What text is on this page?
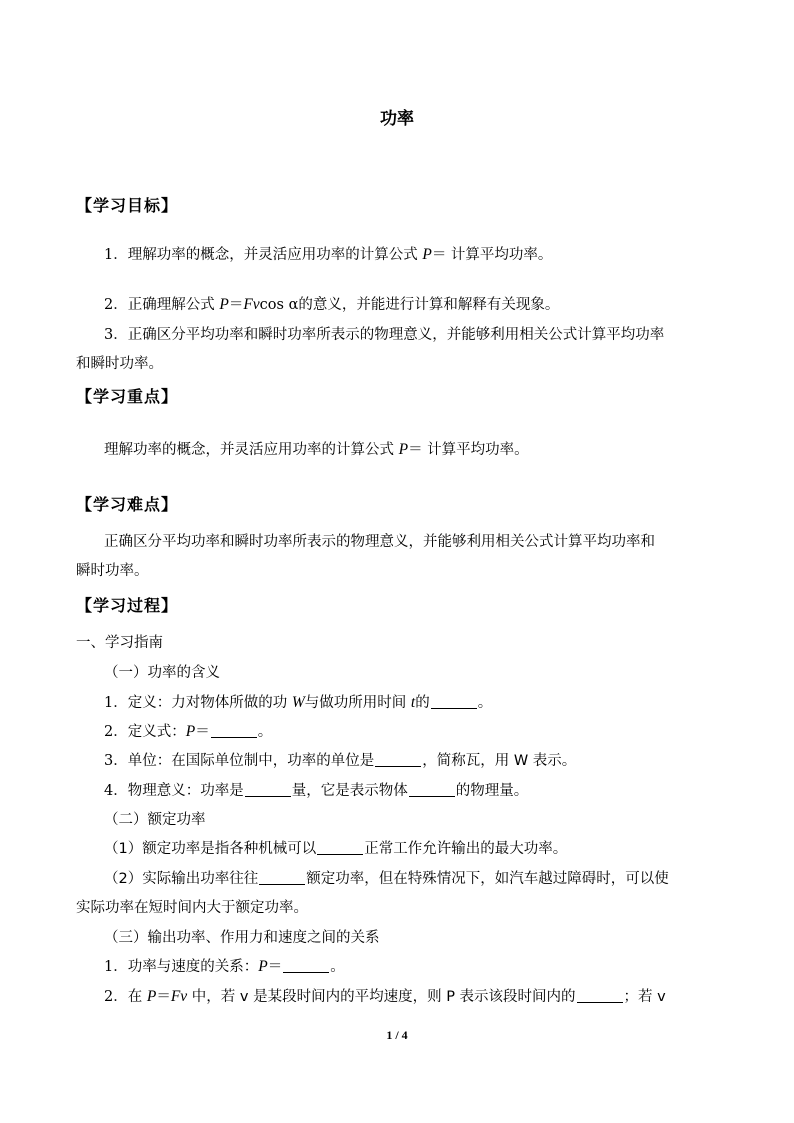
功率
【学习目标】
1．理解功率的概念，并灵活应用功率的计算公式 P＝ 计算平均功率。
2．正确理解公式 P＝Fvcos α的意义，并能进行计算和解释有关现象。
3．正确区分平均功率和瞬时功率所表示的物理意义，并能够利用相关公式计算平均功率
和瞬时功率。
【学习重点】
理解功率的概念，并灵活应用功率的计算公式 P＝ 计算平均功率。
【学习难点】
正确区分平均功率和瞬时功率所表示的物理意义，并能够利用相关公式计算平均功率和
瞬时功率。
【学习过程】
一、学习指南
（一）功率的含义
1．定义：力对物体所做的功 W与做功所用时间 t的	。
2．定义式：P＝	。
3．单位：在国际单位制中，功率的单位是	，简称瓦，用 W 表示。
4．物理意义：功率是	量，它是表示物体	的物理量。
（二）额定功率
（1）额定功率是指各种机械可以	正常工作允许输出的最大功率。
（2）实际输出功率往往	额定功率，但在特殊情况下，如汽车越过障碍时，可以使
实际功率在短时间内大于额定功率。
（三）输出功率、作用力和速度之间的关系
1．功率与速度的关系：P＝	。
2．在 P＝Fv 中，若 v 是某段时间内的平均速度，则 P 表示该段时间内的	；若 v
1 / 4
